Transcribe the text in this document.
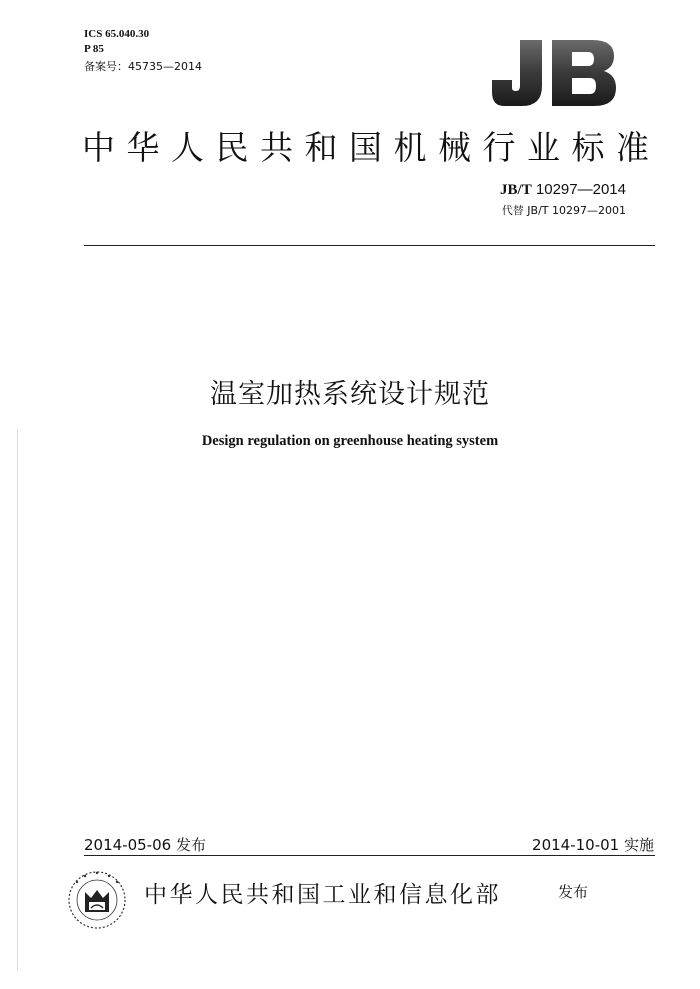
ICS 65.040.30
P 85
备案号：45735—2014
JB
中华人民共和国机械行业标准
JB/T 10297—2014
代替 JB/T 10297—2001
温室加热系统设计规范
Design regulation on greenhouse heating system
2014-05-06 发布	2014-10-01 实施
中华人民共和国工业和信息化部	发布
